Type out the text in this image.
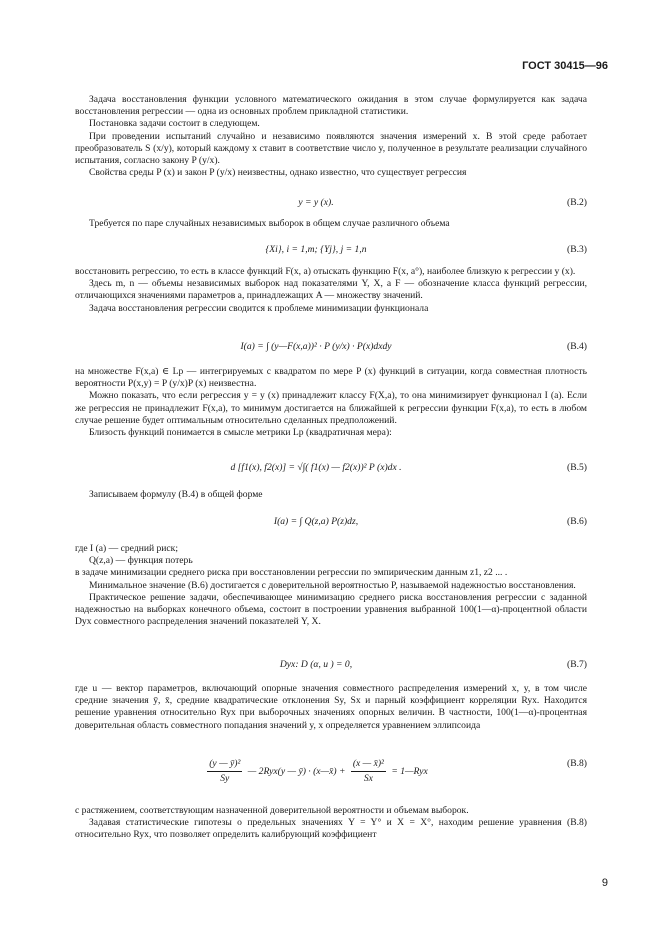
ГОСТ 30415—96

Задача восстановления функции условного математического ожидания в этом случае формулируется как задача восстановления регрессии — одна из основных проблем прикладной статистики.

Постановка задачи состоит в следующем.

При проведении испытаний случайно и независимо появляются значения измерений x. В этой среде работает преобразователь S (x/y), который каждому x ставит в соответствие число y, полученное в результате реализации случайного испытания, согласно закону P (y/x).

Свойства среды P (x) и закон P (y/x) неизвестны, однако известно, что существует регрессия

y = y (x).	(В.2)

Требуется по паре случайных независимых выборок в общем случае различного объема

{Xi}, i = 1,m; {Yj}, j = 1,n	(В.3)

восстановить регрессию, то есть в классе функций F(x, a) отыскать функцию F(x, a°), наиболее близкую к регрессии y (x).

Здесь m, n — объемы независимых выборок над показателями Y, X, а F — обозначение класса функций регрессии, отличающихся значениями параметров a, принадлежащих A — множеству значений.

Задача восстановления регрессии сводится к проблеме минимизации функционала

I(a) = ∫ (y—F(x,a))² · P (y/x) · P(x)dxdy	(В.4)

на множестве F(x,a) ∈ Lp — интегрируемых с квадратом по мере P (x) функций в ситуации, когда совместная плотность вероятности P(x,y) = P (y/x)P (x) неизвестна.

Можно показать, что если регрессия y = y (x) принадлежит классу F(X,a), то она минимизирует функционал I (a). Если же регрессия не принадлежит F(x,a), то минимум достигается на ближайшей к регрессии функции F(x,a), то есть в любом случае решение будет оптимальным относительно сделанных предположений.

Близость функций понимается в смысле метрики Lp (квадратичная мера):

d [f1(x), f2(x)] = √∫( f1(x) — f2(x))² P (x)dx .	(В.5)

Записываем формулу (В.4) в общей форме

I(a) = ∫ Q(z,a) P(z)dz,	(В.6)

где I (a) — средний риск;

Q(z,a) — функция потерь

в задаче минимизации среднего риска при восстановлении регрессии по эмпирическим данным z1, z2 ... .

Минимальное значение (В.6) достигается с доверительной вероятностью P, называемой надежностью восстановления.

Практическое решение задачи, обеспечивающее минимизацию среднего риска восстановления регрессии с заданной надежностью на выборках конечного объема, состоит в построении уравнения выбранной 100(1—α)-процентной области Dyx совместного распределения значений показателей Y, X.

Dyx: D (α, u ) = 0,	(В.7)

где u — вектор параметров, включающий опорные значения совместного распределения измерений x, y, в том числе средние значения ȳ, x̄, средние квадратические отклонения Sy, Sx и парный коэффициент корреляции Ryx. Находится решение уравнения относительно Ryx при выборочных значениях опорных величин. В частности, 100(1—α)-процентная доверительная область совместного попадания значений y, x определяется уравнением эллипсоида

$\frac{\text{(y — ȳ)²}}{Sy}$ — 2Ryx(y — ȳ) · (x—x̄) + $\frac{\text{(x — x̄)²}}{Sx}$ = 1—Ryx
(В.8)

с растяжением, соответствующим назначенной доверительной вероятности и объемам выборок.

Задавая статистические гипотезы о предельных значениях Y = Y° и X = X°, находим решение уравнения (В.8) относительно Ryx, что позволяет определить калибрующий коэффициент

9
